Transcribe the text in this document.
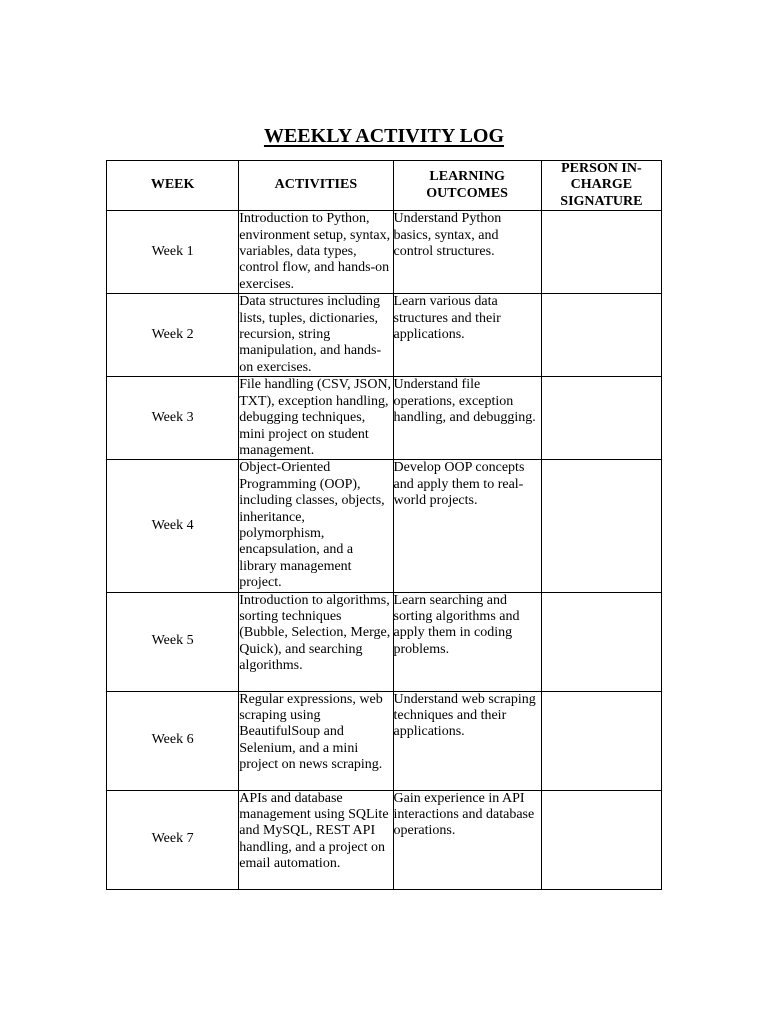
WEEKLY ACTIVITY LOG
WEEK	ACTIVITIES	LEARNING OUTCOMES	PERSON IN-CHARGE SIGNATURE
Week 1	Introduction to Python, environment setup, syntax, variables, data types, control flow, and hands-on exercises.	Understand Python basics, syntax, and control structures.	
Week 2	Data structures including lists, tuples, dictionaries, recursion, string manipulation, and hands-on exercises.	Learn various data structures and their applications.	
Week 3	File handling (CSV, JSON, TXT), exception handling, debugging techniques, mini project on student management.	Understand file operations, exception handling, and debugging.	
Week 4	Object-Oriented Programming (OOP), including classes, objects, inheritance, polymorphism, encapsulation, and a library management project.	Develop OOP concepts and apply them to real-world projects.	
Week 5	Introduction to algorithms, sorting techniques (Bubble, Selection, Merge, Quick), and searching algorithms.	Learn searching and sorting algorithms and apply them in coding problems.	
Week 6	Regular expressions, web scraping using BeautifulSoup and Selenium, and a mini project on news scraping.	Understand web scraping techniques and their applications.	
Week 7	APIs and database management using SQLite and MySQL, REST API handling, and a project on email automation.	Gain experience in API interactions and database operations.	
